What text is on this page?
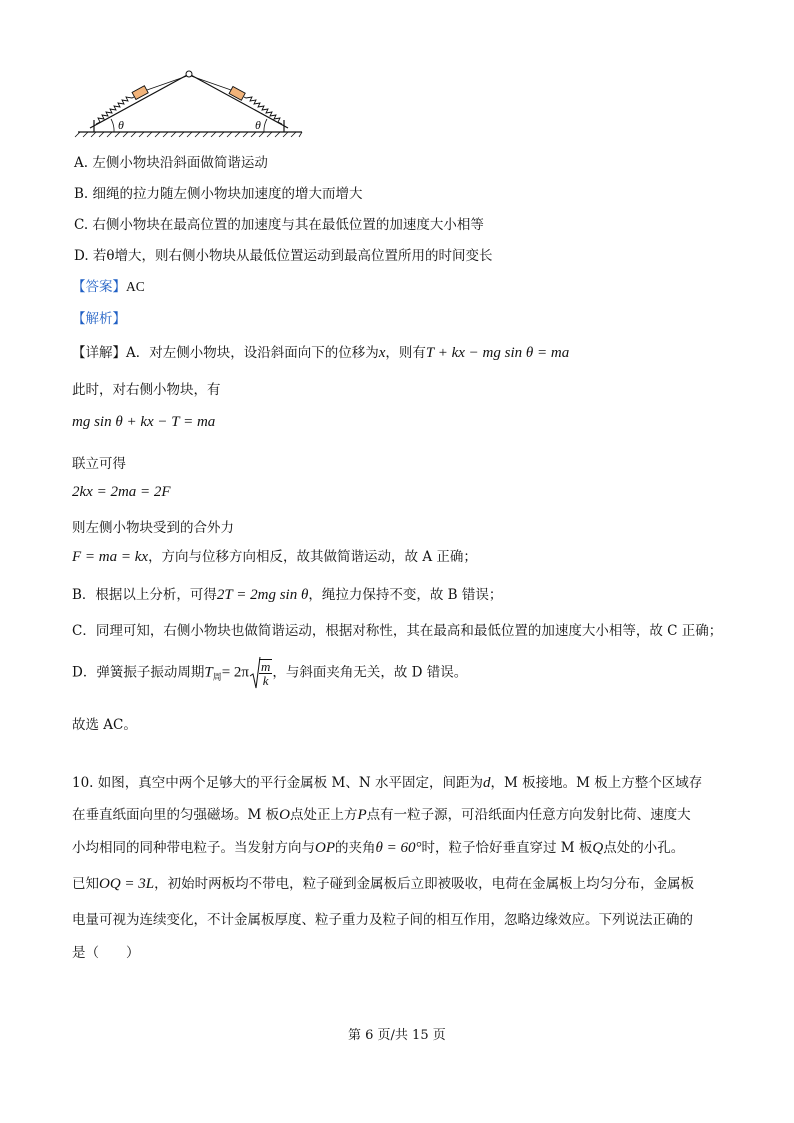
θ	θ
A. 左侧小物块沿斜面做简谐运动
B. 细绳的拉力随左侧小物块加速度的增大而增大
C. 右侧小物块在最高位置的加速度与其在最低位置的加速度大小相等
D. 若θ增大，则右侧小物块从最低位置运动到最高位置所用的时间变长
【答案】AC
【解析】
【详解】A．对左侧小物块，设沿斜面向下的位移为x，则有T + kx − mg sin θ = ma
此时，对右侧小物块，有
mg sin θ + kx − T = ma
联立可得
2kx = 2ma = 2F
则左侧小物块受到的合外力
F = ma = kx，方向与位移方向相反，故其做简谐运动，故 A 正确；
B．根据以上分析，可得2T = 2mg sin θ，绳拉力保持不变，故 B 错误；
C．同理可知，右侧小物块也做简谐运动，根据对称性，其在最高和最低位置的加速度大小相等，故 C 正确；
D．弹簧振子振动周期$T_周= 2\pi \frac{m}{k}$ ，与斜面夹角无关，故 D 错误。
故选 AC。
10. 如图，真空中两个足够大的平行金属板 M、N 水平固定，间距为d，M 板接地。M 板上方整个区域存
在垂直纸面向里的匀强磁场。M 板O点处正上方P点有一粒子源，可沿纸面内任意方向发射比荷、速度大
小均相同的同种带电粒子。当发射方向与OP的夹角θ = 60°时，粒子恰好垂直穿过 M 板Q点处的小孔。
已知OQ = 3L，初始时两板均不带电，粒子碰到金属板后立即被吸收，电荷在金属板上均匀分布，金属板
电量可视为连续变化，不计金属板厚度、粒子重力及粒子间的相互作用，忽略边缘效应。下列说法正确的
是（　　）
第 6 页/共 15 页
